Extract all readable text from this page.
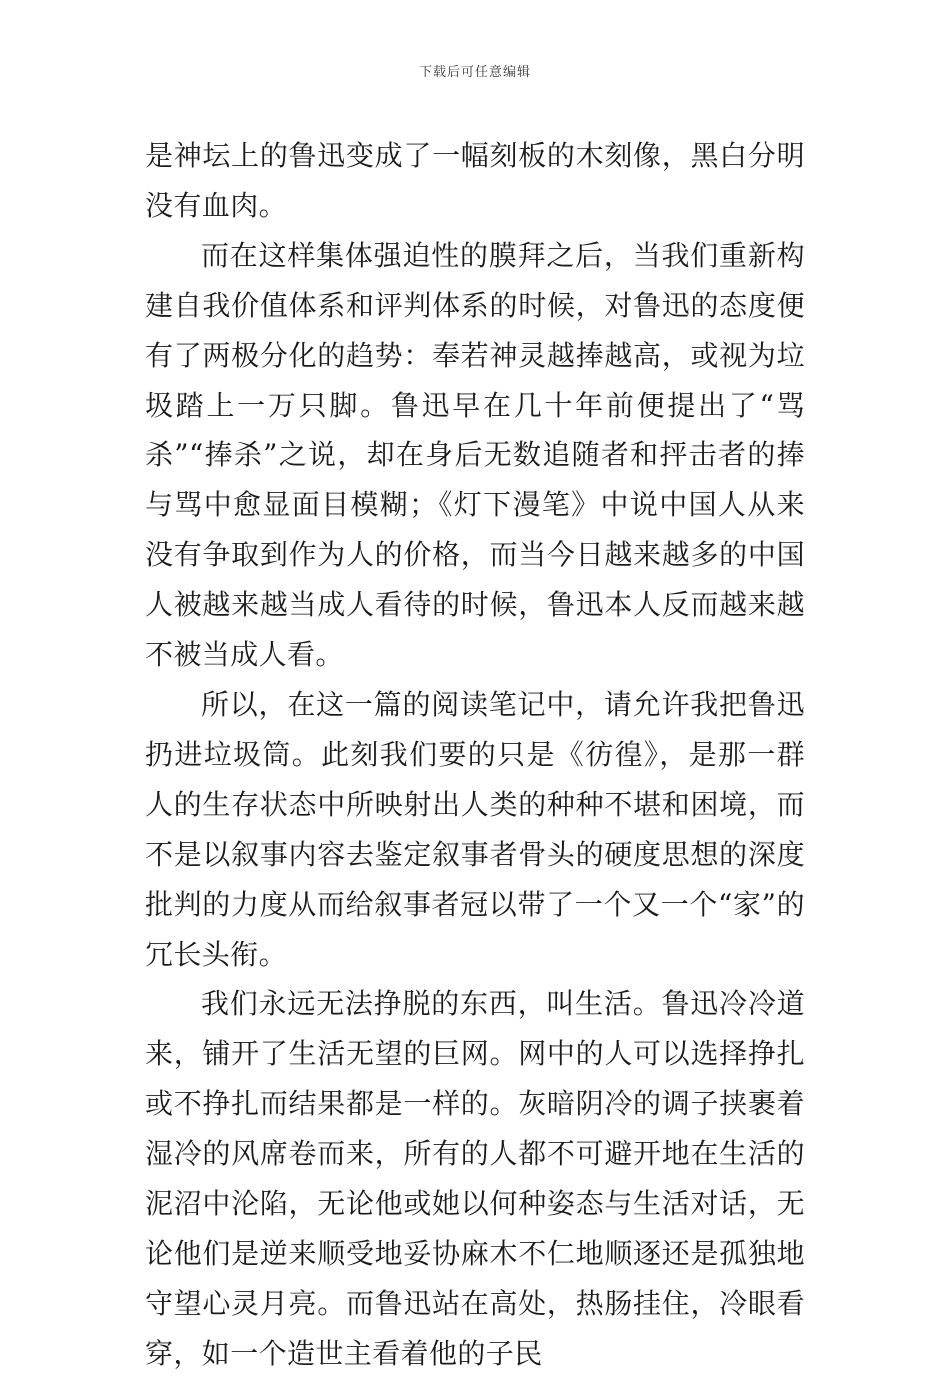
下载后可任意编辑

是神坛上的鲁迅变成了一幅刻板的木刻像，黑白分明没有血肉。

而在这样集体强迫性的膜拜之后，当我们重新构建自我价值体系和评判体系的时候，对鲁迅的态度便有了两极分化的趋势：奉若神灵越捧越高，或视为垃圾踏上一万只脚。鲁迅早在几十年前便提出了“骂杀”“捧杀”之说，却在身后无数追随者和抨击者的捧与骂中愈显面目模糊；《灯下漫笔》中说中国人从来没有争取到作为人的价格，而当今日越来越多的中国人被越来越当成人看待的时候，鲁迅本人反而越来越不被当成人看。

所以，在这一篇的阅读笔记中，请允许我把鲁迅扔进垃圾筒。此刻我们要的只是《彷徨》，是那一群人的生存状态中所映射出人类的种种不堪和困境，而不是以叙事内容去鉴定叙事者骨头的硬度思想的深度批判的力度从而给叙事者冠以带了一个又一个“家”的冗长头衔。

我们永远无法挣脱的东西，叫生活。鲁迅冷冷道来，铺开了生活无望的巨网。网中的人可以选择挣扎或不挣扎而结果都是一样的。灰暗阴冷的调子挟裹着湿冷的风席卷而来，所有的人都不可避开地在生活的泥沼中沦陷，无论他或她以何种姿态与生活对话，无论他们是逆来顺受地妥协麻木不仁地顺逐还是孤独地守望心灵月亮。而鲁迅站在高处，热肠挂住，冷眼看穿，如一个造世主看着他的子民
